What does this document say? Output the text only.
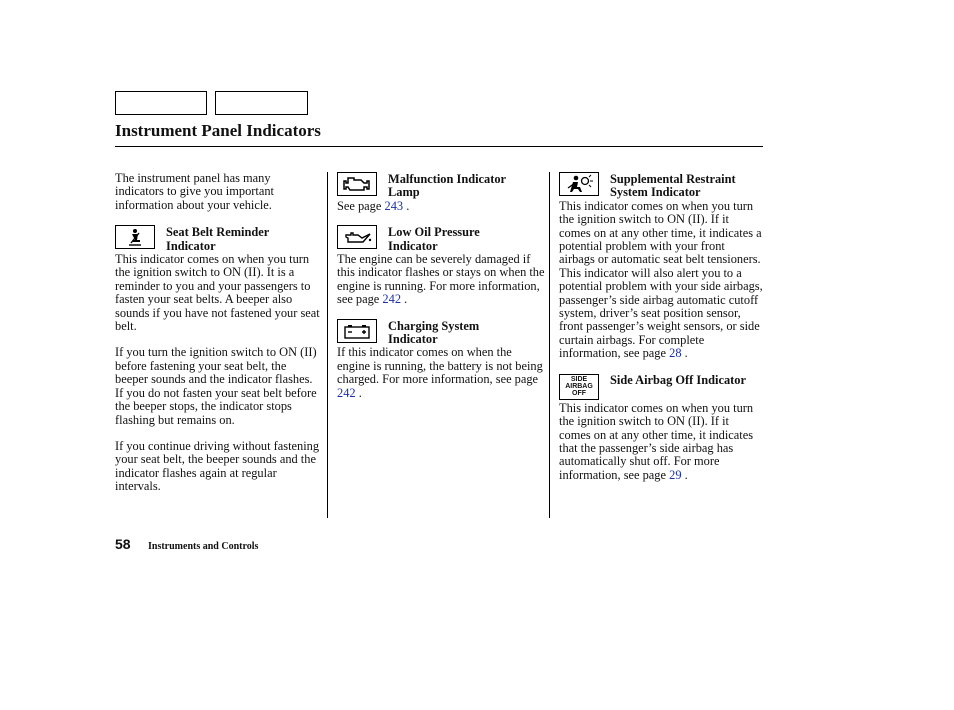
Instrument Panel Indicators

The instrument panel has many indicators to give you important information about your vehicle.

Seat Belt Reminder
Indicator

This indicator comes on when you turn the ignition switch to ON (II). It is a reminder to you and your passengers to fasten your seat belts. A beeper also sounds if you have not fastened your seat belt.

If you turn the ignition switch to ON (II) before fastening your seat belt, the beeper sounds and the indicator flashes. If you do not fasten your seat belt before the beeper stops, the indicator stops flashing but remains on.

If you continue driving without fastening your seat belt, the beeper sounds and the indicator flashes again at regular intervals.

Malfunction Indicator
Lamp

See page 243 .

Low Oil Pressure
Indicator

The engine can be severely damaged if this indicator flashes or stays on when the engine is running. For more information, see page 242 .

Charging System
Indicator

If this indicator comes on when the engine is running, the battery is not being charged. For more information, see page 242 .

Supplemental Restraint
System Indicator

This indicator comes on when you turn the ignition switch to ON (II). If it comes on at any other time, it indicates a potential problem with your front airbags or automatic seat belt tensioners. This indicator will also alert you to a potential problem with your side airbags, passenger’s side airbag automatic cutoff system, driver’s seat position sensor, front passenger’s weight sensors, or side curtain airbags. For complete information, see page 28 .

SIDE
AIRBAG
OFF
Side Airbag Off Indicator

This indicator comes on when you turn the ignition switch to ON (II). If it comes on at any other time, it indicates that the passenger’s side airbag has automatically shut off. For more information, see page 29 .

58 Instruments and Controls
